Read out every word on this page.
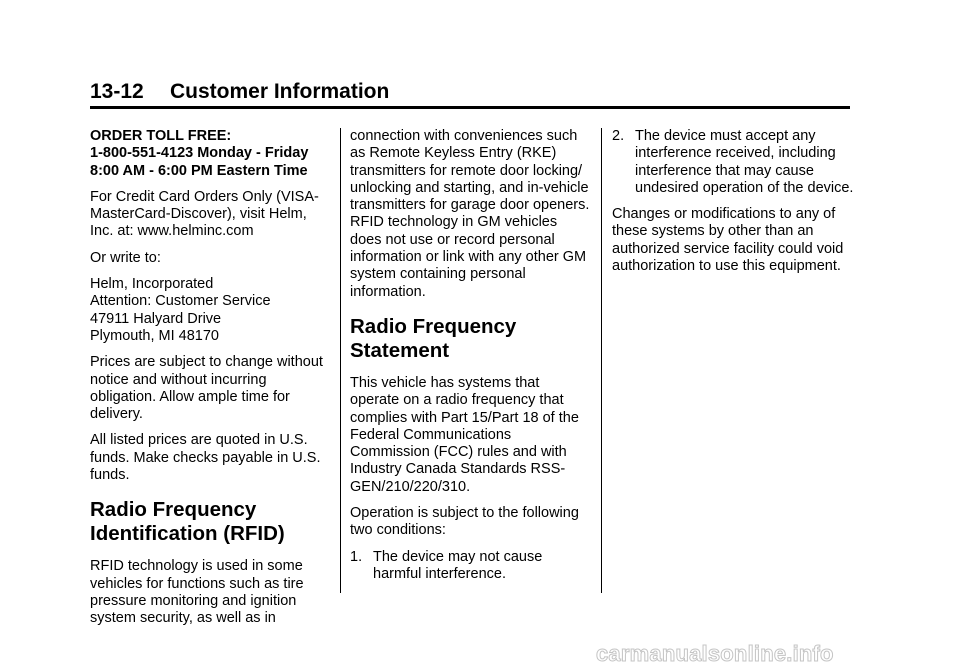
13-12 Customer Information

ORDER TOLL FREE:
1-800-551-4123 Monday - Friday
8:00 AM - 6:00 PM Eastern Time

For Credit Card Orders Only (VISA-MasterCard-Discover), visit Helm, Inc. at: www.helminc.com

Or write to:

Helm, Incorporated
Attention: Customer Service
47911 Halyard Drive
Plymouth, MI 48170

Prices are subject to change without notice and without incurring obligation. Allow ample time for delivery.

All listed prices are quoted in U.S. funds. Make checks payable in U.S. funds.

Radio Frequency Identification (RFID)

RFID technology is used in some vehicles for functions such as tire pressure monitoring and ignition system security, as well as in

connection with conveniences such as Remote Keyless Entry (RKE) transmitters for remote door locking/ unlocking and starting, and in-vehicle transmitters for garage door openers. RFID technology in GM vehicles does not use or record personal information or link with any other GM system containing personal information.

Radio Frequency Statement

This vehicle has systems that operate on a radio frequency that complies with Part 15/Part 18 of the Federal Communications Commission (FCC) rules and with Industry Canada Standards RSS-GEN/210/220/310.

Operation is subject to the following two conditions:

1. The device may not cause harmful interference.
2. The device must accept any interference received, including interference that may cause undesired operation of the device.

Changes or modifications to any of these systems by other than an authorized service facility could void authorization to use this equipment.

carmanualsonline.info
